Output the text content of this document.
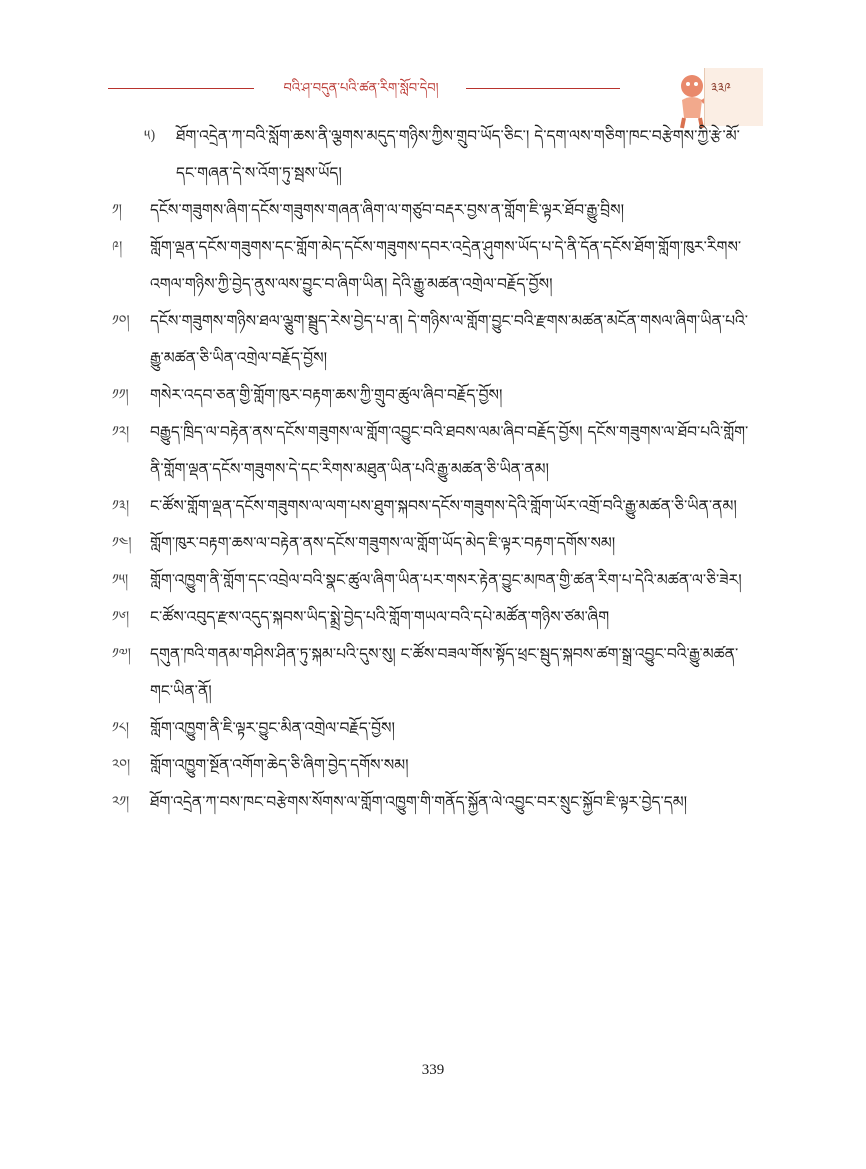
བའི་ཤ་བདུན་པའི་ཚན་རིག་སློབ་དེབ།	༣༣༩
༥)	ཐོག་འདྲེན་ཀ་བའི་སློག་ཆས་ནི་ལྕགས་མདུད་གཉིས་ཀྱིས་གྲུབ་ཡོད་ཅིང་། དེ་དག་ལས་གཅིག་ཁང་བརྩེགས་ཀྱི་རྩེ་མོ་དང་གཞན་དེ་ས་འོག་ཏུ་སྦས་ཡོད།
༡།	དངོས་གཟུགས་ཞིག་དངོས་གཟུགས་གཞན་ཞིག་ལ་གཙུབ་བརྡར་བྱས་ན་གློག་ཇི་ལྟར་ཐོབ་རྒྱུ་བྲིས།
༩།	གློག་ལྡན་དངོས་གཟུགས་དང་གློག་མེད་དངོས་གཟུགས་དབར་འདྲེན་ཤུགས་ཡོད་པ་དེ་ནི་དོན་དངོས་ཐོག་གློག་ཁུར་རིགས་འགལ་གཉིས་ཀྱི་བྱེད་ནུས་ལས་བྱུང་བ་ཞིག་ཡིན། དེའི་རྒྱུ་མཚན་འགྲེལ་བརྗོད་བྱོས།
༡༠།	དངོས་གཟུགས་གཉིས་ཐལ་ལྕུག་སྦྲུད་རེས་བྱེད་པ་ན། དེ་གཉིས་ལ་གློག་བྱུང་བའི་རྫགས་མཚན་མངོན་གསལ་ཞིག་ཡིན་པའི་རྒྱུ་མཚན་ཅི་ཡིན་འགྲེལ་བརྗོད་བྱོས།
༡༡།	གསེར་འདབ་ཅན་གྱི་གློག་ཁུར་བརྟག་ཆས་ཀྱི་གྲུབ་ཚུལ་ཞིབ་བརྗོད་བྱོས།
༡༢།	བརྒྱུད་ཁྲིད་ལ་བརྟེན་ནས་དངོས་གཟུགས་ལ་གློག་འབྱུང་བའི་ཐབས་ལམ་ཞིབ་བརྗོད་བྱོས། དངོས་གཟུགས་ལ་ཐོབ་པའི་གློག་ནི་གློག་ལྡན་དངོས་གཟུགས་དེ་དང་རིགས་མཐུན་ཡིན་པའི་རྒྱུ་མཚན་ཅི་ཡིན་ནམ།
༡༣།	ང་ཚོས་གློག་ལྡན་དངོས་གཟུགས་ལ་ལག་པས་ཐུག་སྐབས་དངོས་གཟུགས་དེའི་གློག་ཡོར་འགྲོ་བའི་རྒྱུ་མཚན་ཅི་ཡིན་ནམ།
༡༤།	གློག་ཁུར་བརྟག་ཆས་ལ་བརྟེན་ནས་དངོས་གཟུགས་ལ་གློག་ཡོད་མེད་ཇི་ལྟར་བརྟག་དགོས་སམ།
༡༥།	གློག་འཁྱུག་ནི་གློག་དང་འབྲེལ་བའི་སྣང་ཚུལ་ཞིག་ཡིན་པར་གསར་རྟེན་བྱུང་མཁན་གྱི་ཚན་རིག་པ་དེའི་མཚན་ལ་ཅི་ཟེར།
༡༦།	ང་ཚོས་འབུད་རྫས་འདུད་སྐབས་ཡིད་སྨྲེ་བྱེད་པའི་གློག་གཡལ་བའི་དཔེ་མཚོན་གཉིས་ཙམ་ཞིག
༡༧།	དགུན་ཁའི་གནམ་གཤིས་ཤིན་ཏུ་སྐམ་པའི་དུས་སུ། ང་ཚོས་བཟལ་གོས་སྟོད་ཕྲང་སྦུད་སྐབས་ཚག་སྒྲ་འབྱུང་བའི་རྒྱུ་མཚན་གང་ཡིན་ནོ།
༡༨།	གློག་འཁྱུག་ནི་ཇི་ལྟར་བྱུང་མིན་འགྲེལ་བརྗོད་བྱོས།
༢༠།	གློག་འཁྱུག་སྔོན་འགོག་ཆེད་ཅི་ཞིག་བྱེད་དགོས་སམ།
༢༡།	ཐོག་འདྲེན་ཀ་བས་ཁང་བརྩེགས་སོགས་ལ་གློག་འཁྱུག་གི་གནོད་སྐྱོན་ལེ་འབྱུང་བར་སྲུང་སྐྱོབ་ཇི་ལྟར་བྱེད་དམ།
339
